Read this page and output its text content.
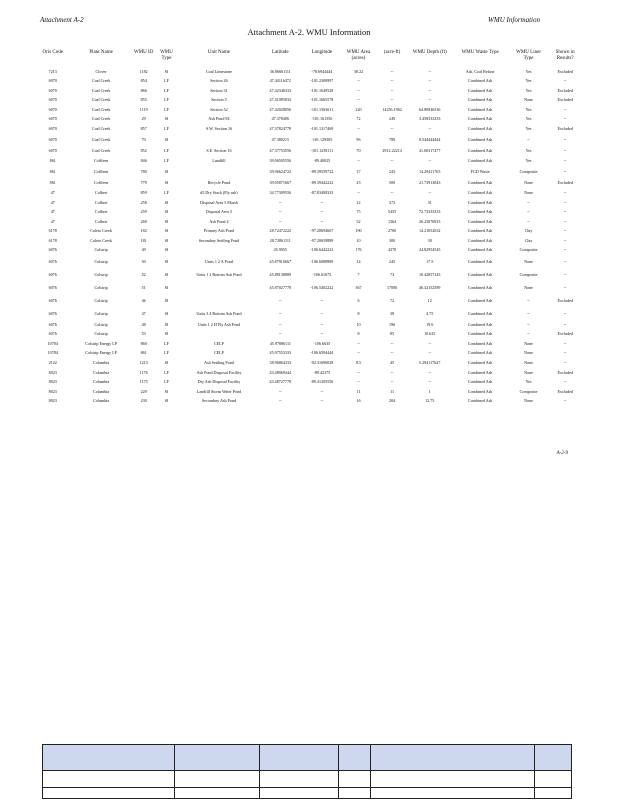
Attachment A-2	WMU Information
Attachment A-2. WMU Information
Oris Code	Plant Name	WMU ID	WMU Type	Unit Name	Latitude	Longitude	WMU Area (acres)	(acre-ft)	WMU Depth (ft)	WMU Waste Type	WMU Liner Type	Shown in Results?
7213	Clover	1182	SI	Coal Limestone	36.86661111	-78.6944444	38.22	--	--	Ash, Coal Refuse	Yes	Excluded
6070	Coal Creek	854	LF	Section 26	47.44116472	-101.2300997	--	--	--	Combined Ash	Yes	--
6070	Coal Creek	866	LF	Section 31	47.42346333	-101.1649528	--	--	--	Combined Ash	Yes	Excluded
6070	Coal Creek	855	LF	Section 5	47.41085833	-101.1665578	--	--	--	Combined Ash	None	Excluded
6070	Coal Creek	1119	LF	Section 32	47.42028056	-101.1563611	220	14256.1962	64.80946536	Combined Ash	Yes	--
6070	Coal Creek	29	SI	Ash Pond 94	47.378406	-101.161556	72	249	3.458333333	Combined Ash	Yes	--
6070	Coal Creek	857	LF	S.W. Section 16	47.37824778	-101.1317469	--	--	--	Combined Ash	Yes	Excluded
6070	Coal Creek	70	SI		47.380215	-101.129305	96	789	8.544444444	Combined Ash	--	--
6070	Coal Creek	852	LF	S.E. Section 16	47.37753556	-101.1258111	70	2912.22214	41.60317477	Combined Ash	Yes	--
861	Cofffeen	846	LF	Landfill	39.06505556	-89.40025	--	--	--	Combined Ash	Yes	--
861	Cofffeen	780	SI		39.06624722	-89.39559722	17	243	14.29411765	FGD Waste	Composite	--
861	Cofffeen	779	SI	Recycle Pond	39.05871667	-89.39442222	23	500	21.73913043	Combined Ash	None	Excluded
47	Colbert	859	LF	#5 Dry Stack (Fly ash)	34.77309556	-87.83408333	--	--	--	Combined Ash	None	--
47	Colbert	258	SI	Disposal Area 5 Marsh	--	--	12	372	31	Combined Ash	--	--
47	Colbert	259	SI	Disposal Area 5	--	--	75	5455	72.73333333	Combined Ash	--	--
47	Colbert	260	SI	Ash Pond 4	--	--	52	1364	26.23076923	Combined Ash	--	--
6178	Coleto Creek	182	SI	Primary Ash Pond	28.72472222	-97.20694667	190	2700	14.21052632	Combined Ash	Clay	--
6178	Coleto Creek	181	SI	Secondary Settling Pond	28.72861111	-97.20659889	10	300	30	Combined Ash	Clay	--
6076	Colstrip	49	SI		45.9055	-106.6442222	176	4370	24.82954545	Combined Ash	Composite	--
6076	Colstrip	50	SI	Units 1 2 A Pond	45.87916667	-106.6088889	14	245	17.5	Combined Ash	None	--
6076	Colstrip	52	SI	Units 1 2 Bottom Ash Pond	45.88138889	-106.61675	7	73	10.42857143	Combined Ash	Composite	--
6076	Colstrip	51	SI		45.87027778	-106.5402222	367	17000	46.32152589	Combined Ash	None	--
6076	Colstrip	46	SI		--	--	6	72	12	Combined Ash	--	Excluded
6076	Colstrip	47	SI	Units 3 4 Bottom Ash Pond	--	--	8	38	4.75	Combined Ash	--	--
6076	Colstrip	48	SI	Units 1 2 H Fly Ash Pond	--	--	10	196	19.6	Combined Ash	--	--
6076	Colstrip	53	SI		--	--	8	85	10.625	Combined Ash	--	Excluded
10784	Colstrip Energy LP	860	LF	CELP	45.97886111	-106.6635	--	--	--	Combined Ash	None	--
10784	Colstrip Energy LP	861	LF	CELP	45.97553333	-106.6594444	--	--	--	Combined Ash	None	--
2122	Columbia	1213	SI	Ash Settling Pond	38.96864333	-92.31696028	8.5	45	5.294117647	Combined Ash	None	--
8023	Columbia	1176	LF	Ash Pond Disposal Facility	43.48969444	-89.42375	--	--	--	Combined Ash	None	Excluded
8023	Columbia	1175	LF	Dry Ash Disposal Facility	43.48727778	-89.41205556	--	--	--	Combined Ash	Yes	--
8023	Columbia	229	SI	Landfill Storm Water Pond	--	--	11	11	1	Combined Ash	Composite	Excluded
8023	Columbia	230	SI	Secondary Ash Pond	--	--	16	204	12.75	Combined Ash	None	--
A-2-9
